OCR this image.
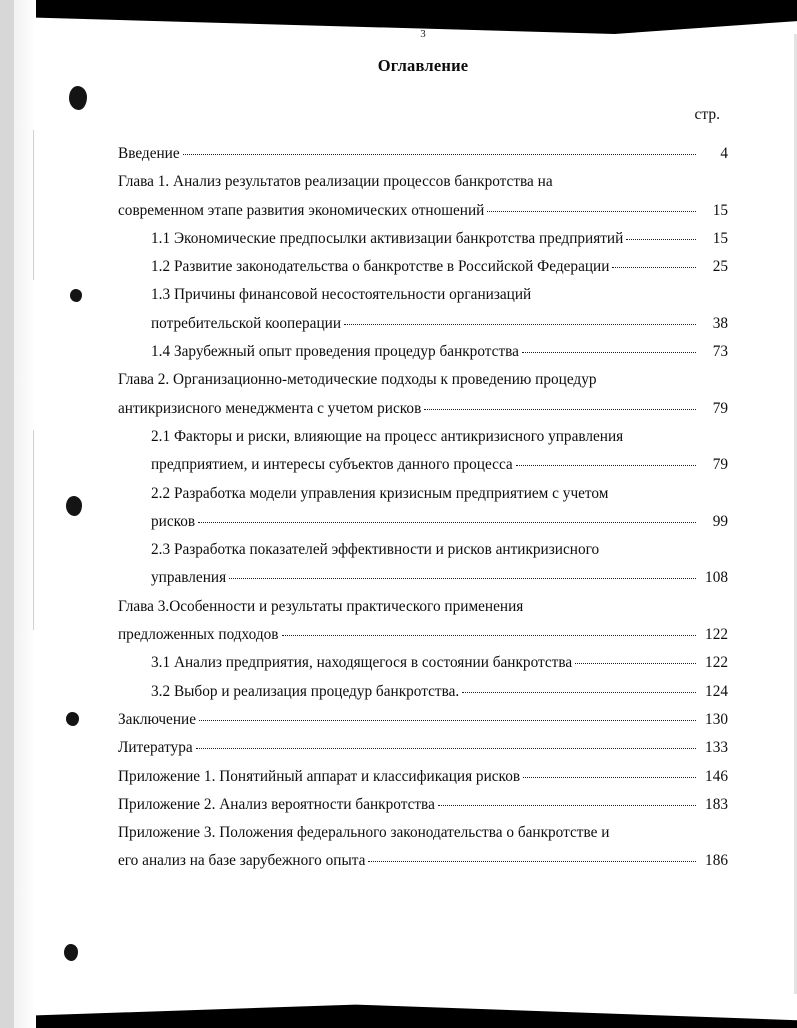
3
Оглавление
стр.
Введение	4
Глава 1. Анализ результатов реализации процессов банкротства на
современном этапе развития экономических отношений	15
1.1 Экономические предпосылки активизации банкротства предприятий	15
1.2 Развитие законодательства о банкротстве в Российской Федерации	25
1.3 Причины финансовой несостоятельности организаций
потребительской кооперации	38
1.4 Зарубежный опыт проведения процедур банкротства	73
Глава 2. Организационно-методические подходы к проведению процедур
антикризисного менеджмента с учетом рисков	79
2.1 Факторы и риски, влияющие на процесс антикризисного управления
предприятием, и интересы субъектов данного процесса	79
2.2 Разработка модели управления кризисным предприятием с учетом
рисков	99
2.3 Разработка показателей эффективности и рисков антикризисного
управления	108
Глава 3.Особенности и результаты практического применения
предложенных подходов	122
3.1 Анализ предприятия, находящегося в состоянии банкротства	122
3.2 Выбор и реализация процедур банкротства.	124
Заключение	130
Литература	133
Приложение 1. Понятийный аппарат и классификация рисков	146
Приложение 2. Анализ вероятности банкротства	183
Приложение 3. Положения федерального законодательства о банкротстве и
его анализ на базе зарубежного опыта	186
